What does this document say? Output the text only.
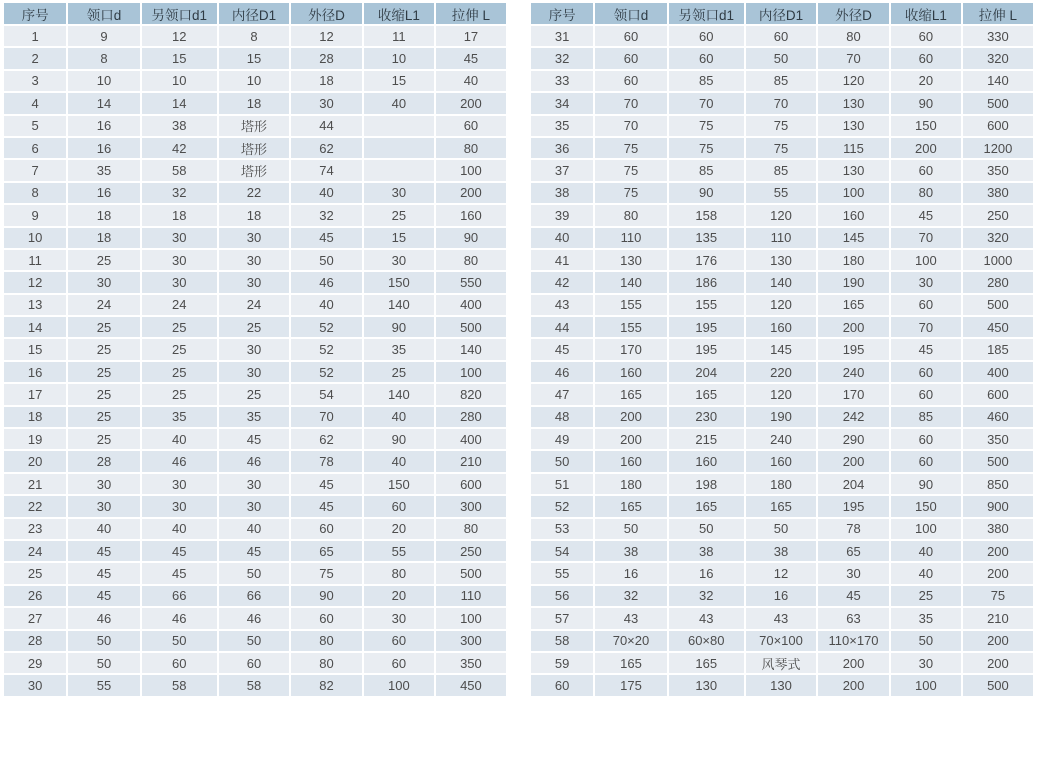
序号	领口d	另领口d1	内径D1	外径D	收缩L1	拉伸 L
1	9	12	8	12	11	17
2	8	15	15	28	10	45
3	10	10	10	18	15	40
4	14	14	18	30	40	200
5	16	38	塔形	44		60
6	16	42	塔形	62		80
7	35	58	塔形	74		100
8	16	32	22	40	30	200
9	18	18	18	32	25	160
10	18	30	30	45	15	90
11	25	30	30	50	30	80
12	30	30	30	46	150	550
13	24	24	24	40	140	400
14	25	25	25	52	90	500
15	25	25	30	52	35	140
16	25	25	30	52	25	100
17	25	25	25	54	140	820
18	25	35	35	70	40	280
19	25	40	45	62	90	400
20	28	46	46	78	40	210
21	30	30	30	45	150	600
22	30	30	30	45	60	300
23	40	40	40	60	20	80
24	45	45	45	65	55	250
25	45	45	50	75	80	500
26	45	66	66	90	20	110
27	46	46	46	60	30	100
28	50	50	50	80	60	300
29	50	60	60	80	60	350
30	55	58	58	82	100	450
序号	领口d	另领口d1	内径D1	外径D	收缩L1	拉伸 L
31	60	60	60	80	60	330
32	60	60	50	70	60	320
33	60	85	85	120	20	140
34	70	70	70	130	90	500
35	70	75	75	130	150	600
36	75	75	75	115	200	1200
37	75	85	85	130	60	350
38	75	90	55	100	80	380
39	80	158	120	160	45	250
40	110	135	110	145	70	320
41	130	176	130	180	100	1000
42	140	186	140	190	30	280
43	155	155	120	165	60	500
44	155	195	160	200	70	450
45	170	195	145	195	45	185
46	160	204	220	240	60	400
47	165	165	120	170	60	600
48	200	230	190	242	85	460
49	200	215	240	290	60	350
50	160	160	160	200	60	500
51	180	198	180	204	90	850
52	165	165	165	195	150	900
53	50	50	50	78	100	380
54	38	38	38	65	40	200
55	16	16	12	30	40	200
56	32	32	16	45	25	75
57	43	43	43	63	35	210
58	70×20	60×80	70×100	110×170	50	200
59	165	165	风琴式	200	30	200
60	175	130	130	200	100	500
